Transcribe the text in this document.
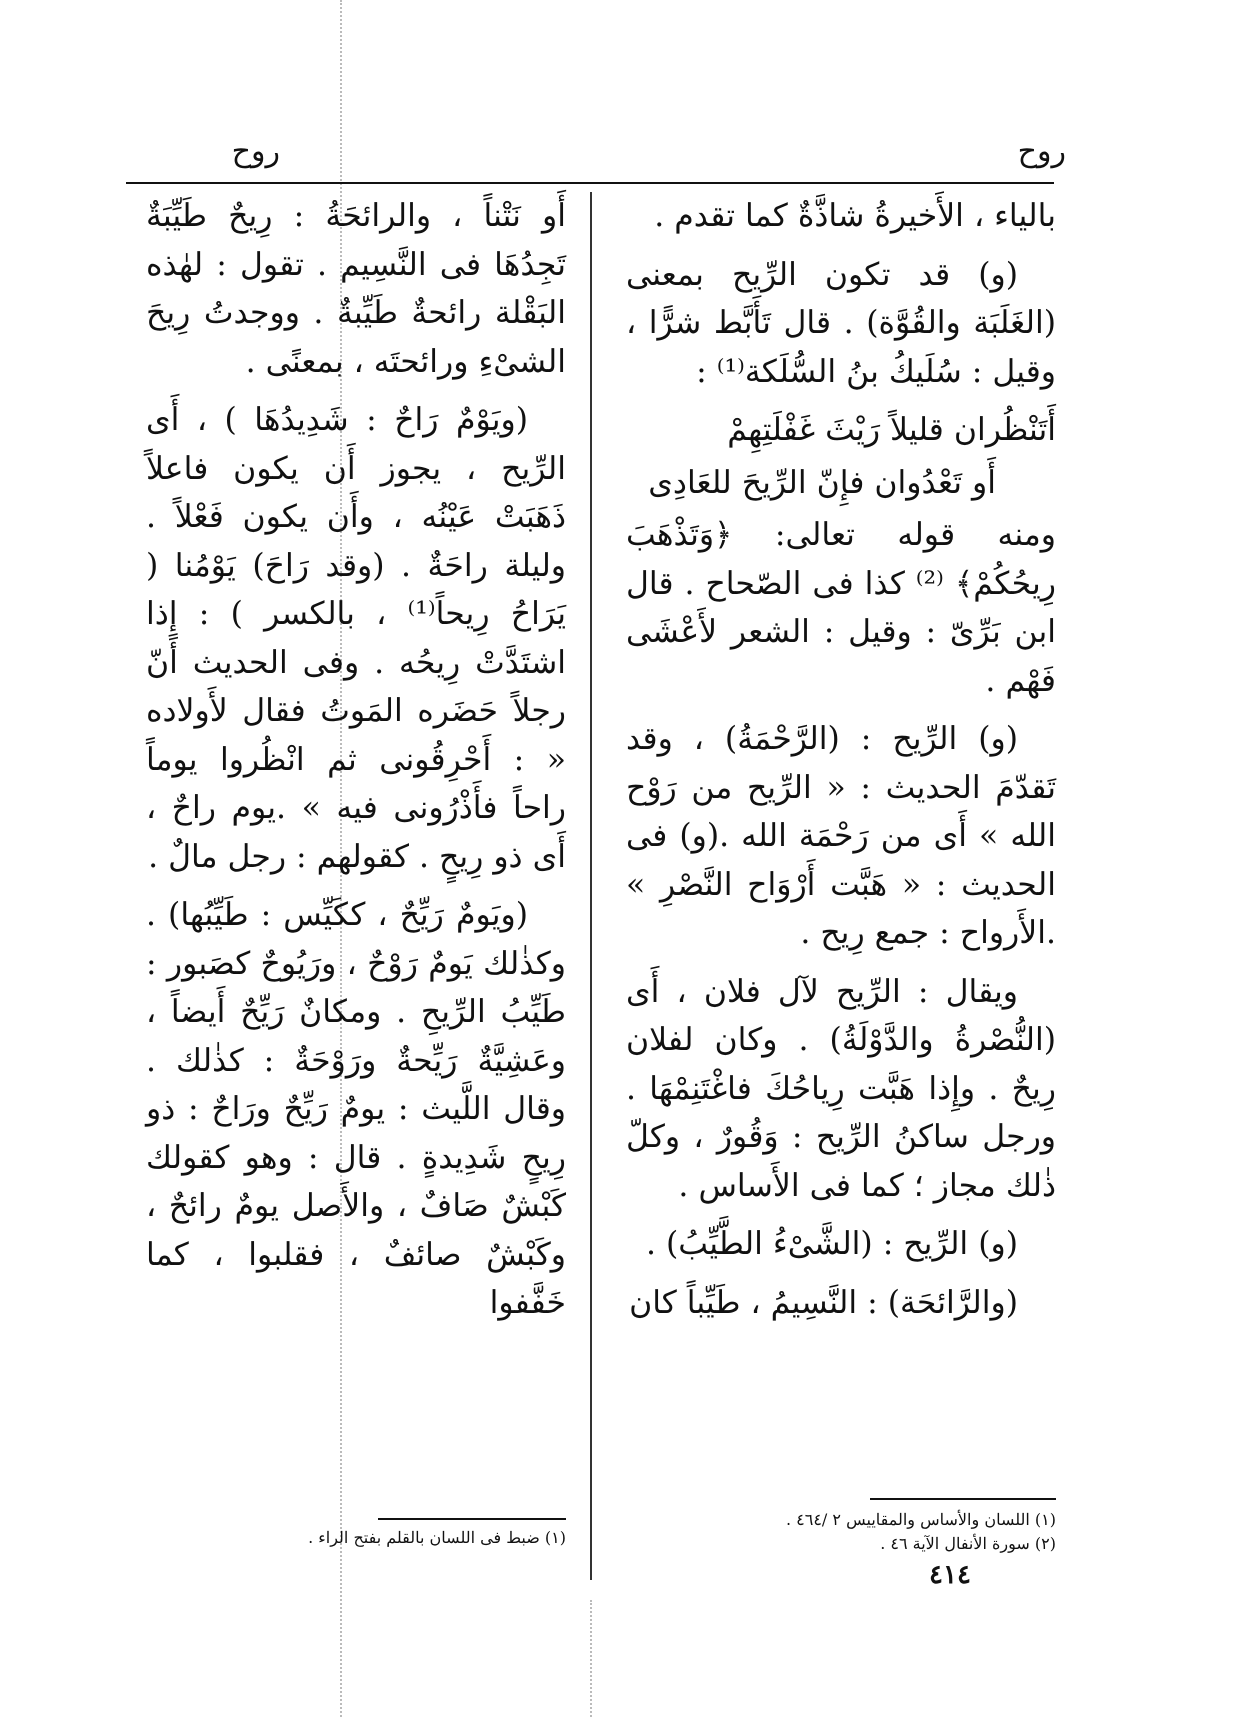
روح
روح

بالياء ، الأَخيرةُ شاذَّةٌ كما تقدم .

(و) قد تكون الرِّيح بمعنى (الغَلَبَة والقُوَّة) . قال تَأَبَّط شرًّا ، وقيل : سُلَيكُ بنُ السُّلَكة⁽¹⁾ :

أَتَنْظُران قليلاً رَيْثَ غَفْلَتِهِمْ

أَو تَعْدُوان فإِنّ الرِّيحَ للعَادِى

ومنه قوله تعالى: ﴿وَتَذْهَبَ رِيحُكُمْ﴾ ⁽²⁾ كذا فى الصّحاح . قال ابن بَرِّىّ : وقيل : الشعر لأَعْشَى فَهْم .

(و) الرِّيح : (الرَّحْمَةُ) ، وقد تَقدّمَ الحديث : « الرِّيح من رَوْح الله » أَى من رَحْمَة الله .(و) فى الحديث : « هَبَّت أَرْوَاح النَّصْرِ » .الأَرواح : جمع رِيح .

ويقال : الرِّيح لآل فلان ، أَى (النُّصْرةُ والدَّوْلَةُ) . وكان لفلان رِيحٌ . وإِذا هَبَّت رِياحُكَ فاغْتَنِمْهَا . ورجل ساكنُ الرِّيح : وَقُورٌ ، وكلّ ذٰلك مجاز ؛ كما فى الأَساس .

(و) الرِّيح : (الشَّىْءُ الطَّيِّبُ) .

(والرَّائحَة) : النَّسِيمُ ، طَيِّباً كان

أَو نَتْناً ، والرائحَةُ : رِيحٌ طَيِّبَةٌ تَجِدُهَا فى النَّسِيم . تقول : لهٰذه البَقْلة رائحةٌ طَيِّبةٌ . ووجدتُ رِيحَ الشىْءِ ورائحتَه ، بمعنًى .

(ويَوْمٌ رَاحٌ : شَدِيدُهَا ) ، أَى الرِّيح ، يجوز أَن يكون فاعلاً ذَهَبَتْ عَيْنُه ، وأَن يكون فَعْلاً . وليلة راحَةٌ . (وقد رَاحَ) يَوْمُنا ( يَرَاحُ رِيحاً⁽¹⁾ ، بالكسر ) : إِذا اشتَدَّتْ رِيحُه . وفى الحديث أَنّ رجلاً حَضَره المَوتُ فقال لأَولاده « : أَحْرِقُونى ثم انْظُروا يوماً راحاً فأَذْرُونى فيه » .يوم راحٌ ، أَى ذو رِيحٍ . كقولهم : رجل مالٌ .

(ويَومٌ رَيِّحٌ ، ككَيِّس : طَيِّبُها) . وكذٰلك يَومٌ رَوْحٌ ، ورَيُوحٌ كصَبور : طَيِّبُ الرِّيحِ . ومكانٌ رَيِّحٌ أَيضاً ، وعَشِيَّةٌ رَيِّحةٌ ورَوْحَةٌ : كذٰلك . وقال اللَّيث : يومٌ رَيِّحٌ ورَاحٌ : ذو رِيحٍ شَدِيدةٍ . قال : وهو كقولك كَبْشٌ صَافٌ ، والأَصل يومٌ رائحٌ ، وكَبْشٌ صائفٌ ، فقلبوا ، كما خَفَّفوا

(١) اللسان والأساس والمقاييس ٢ /٤٦٤ .

(٢) سورة الأنفال الآية ٤٦ .

(١) ضبط فى اللسان بالقلم بفتح الراء .

٤١٤
